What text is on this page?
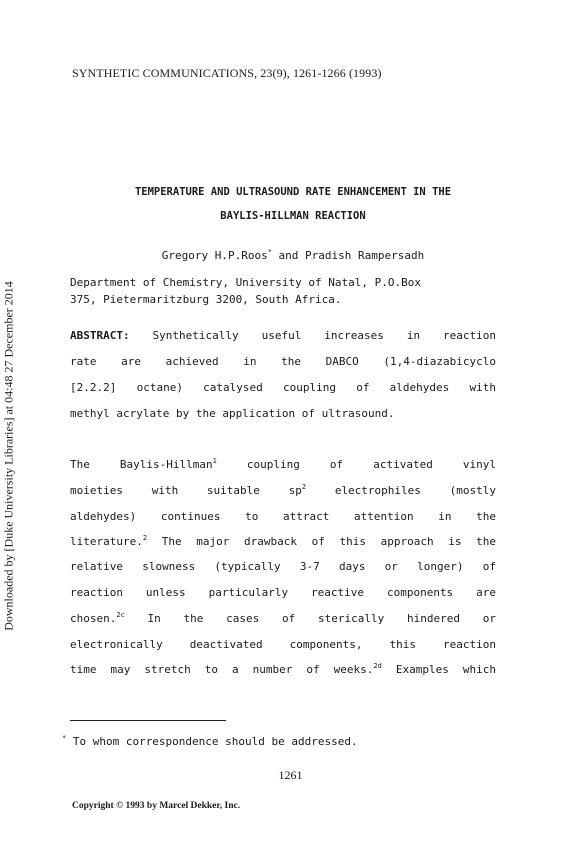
SYNTHETIC COMMUNICATIONS, 23(9), 1261-1266 (1993)
Downloaded by [Duke University Libraries] at 04:48 27 December 2014
TEMPERATURE AND ULTRASOUND RATE ENHANCEMENT IN THE
BAYLIS-HILLMAN REACTION
Gregory H.P.Roos* and Pradish Rampersadh
Department of Chemistry, University of Natal, P.O.Box
375, Pietermaritzburg 3200, South Africa.
ABSTRACT: Synthetically useful increases in reaction
rate are achieved in the DABCO (1,4-diazabicyclo
[2.2.2] octane) catalysed coupling of aldehydes with
methyl acrylate by the application of ultrasound.
The Baylis-Hillman$^1$ coupling of activated vinyl
moieties with suitable $sp^2$ electrophiles (mostly
aldehydes) continues to attract attention in the
literature.$^2$ The major drawback of this approach is the
relative slowness (typically 3-7 days or longer) of
reaction unless particularly reactive components are
chosen.$^{2c}$ In the cases of sterically hindered or
electronically deactivated components, this reaction
time may stretch to a number of weeks.$^{2d}$ Examples which
* To whom correspondence should be addressed.
1261
Copyright © 1993 by Marcel Dekker, Inc.
